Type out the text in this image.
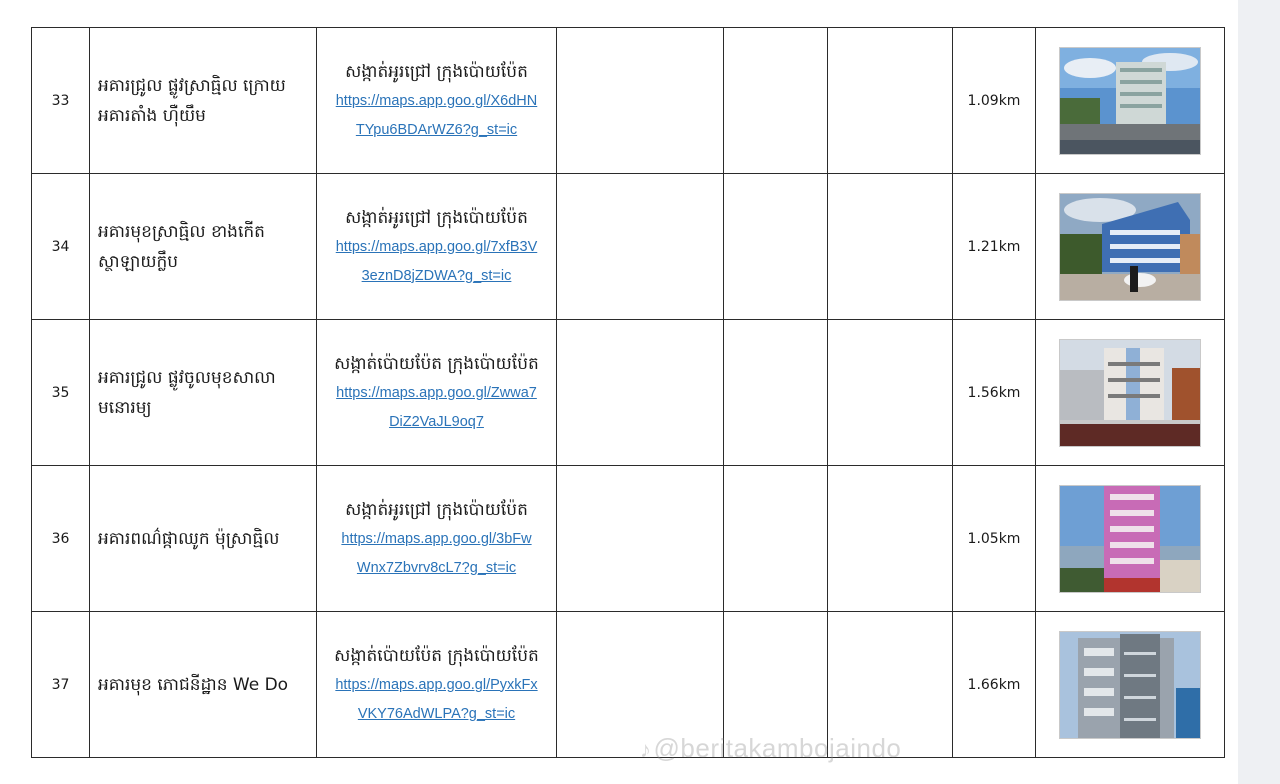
33	អគារជ្រូល ផ្លូវស្រាធ្មិល ក្រោយអគារតាំង ហ៊ឺយឹម	សង្កាត់អូរជ្រៅ ក្រុងប៉ោយប៉ែត
https://maps.app.goo.gl/X6dHN
TYpu6BDArWZ6?g_st=ic				1.09km	

34	អគារមុខស្រាធ្មិល ខាងកើតស្ថាឡាយក្លឹប	សង្កាត់អូរជ្រៅ ក្រុងប៉ោយប៉ែត
https://maps.app.goo.gl/7xfB3V
3eznD8jZDWA?g_st=ic				1.21km	

35	អគារជ្រូល ផ្លូវចូលមុខសាលាមនោរម្យ	សង្កាត់ប៉ោយប៉ែត ក្រុងប៉ោយប៉ែត
https://maps.app.goo.gl/Zwwa7
DiZ2VaJL9oq7				1.56km	

36	អគារពណ៌ផ្កាឈូក ម៉ុស្រាធ្មិល	សង្កាត់អូរជ្រៅ ក្រុងប៉ោយប៉ែត
https://maps.app.goo.gl/3bFw
Wnx7Zbvrv8cL7?g_st=ic				1.05km	

37	អគារមុខ ភោជនីដ្ឋាន We Do	សង្កាត់ប៉ោយប៉ែត ក្រុងប៉ោយប៉ែត
https://maps.app.goo.gl/PyxkFx
VKY76AdWLPA?g_st=ic				1.66km	
♪@beritakambojaindo
